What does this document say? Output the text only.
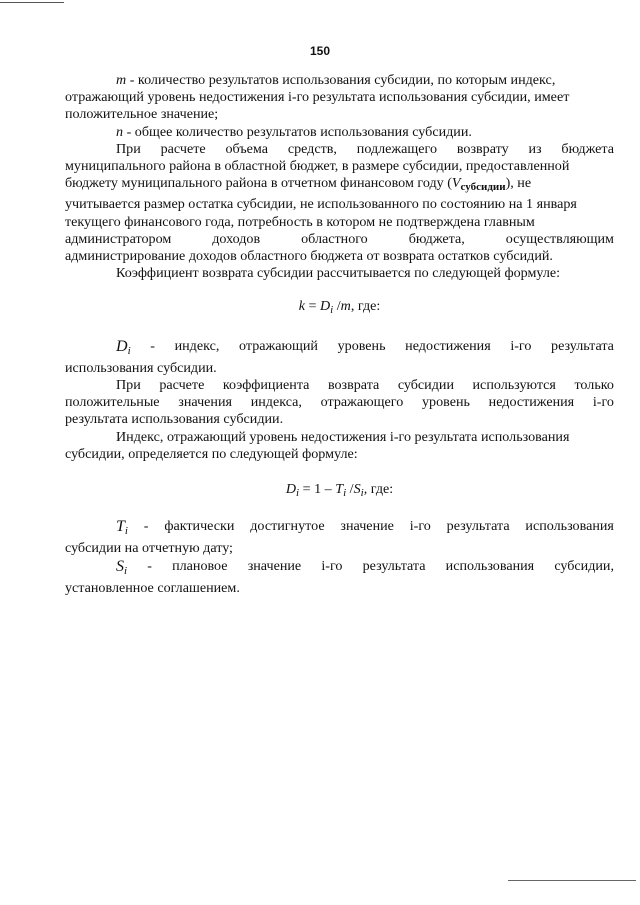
150

m - количество результатов использования субсидии, по которым индекс,

отражающий уровень недостижения i-го результата использования субсидии, имеет

положительное значение;

n - общее количество результатов использования субсидии.

При расчете объема средств, подлежащего возврату из бюджета

муниципального района в областной бюджет, в размере субсидии, предоставленной

бюджету муниципального района в отчетном финансовом году $(V_{субсидии})$, не

учитывается размер остатка субсидии, не использованного по состоянию на 1 января

текущего финансового года, потребность в котором не подтверждена главным

администратором	доходов	областного	бюджета,	осуществляющим

администрирование доходов областного бюджета от возврата остатков субсидий.

Коэффициент возврата субсидии рассчитывается по следующей формуле:

$k = D_i$ /m, где:
$D_i$ - индекс, отражающий уровень недостижения i-го результата

использования субсидии.

При расчете коэффициента возврата субсидии используются только
положительные значения индекса, отражающего уровень недостижения i-го

результата использования субсидии.

Индекс, отражающий уровень недостижения i-го результата использования

субсидии, определяется по следующей формуле:

$D_i = 1 - T_i$ $/S_i$, где:
$T_i$ - фактически достигнутое значение i-го результата использования

субсидии на отчетную дату;

$S_i$ - плановое значение i-го результата использования субсидии,

установленное соглашением.
